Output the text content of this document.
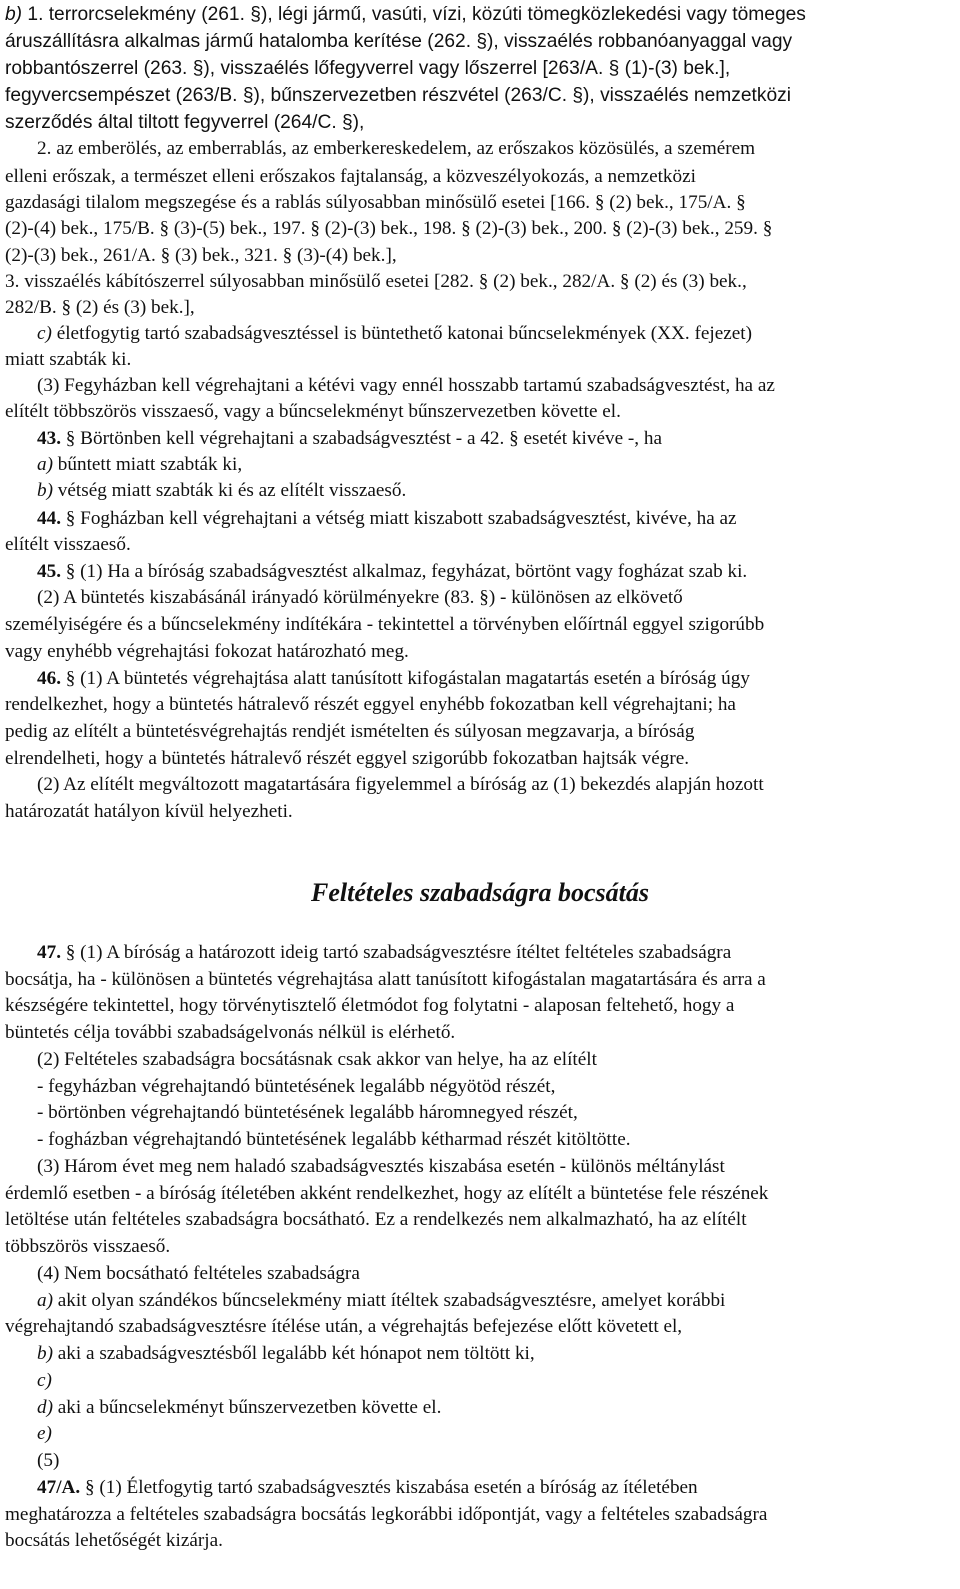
b) 1. terrorcselekmény (261. §), légi jármű, vasúti, vízi, közúti tömegközlekedési vagy tömeges
áruszállításra alkalmas jármű hatalomba kerítése (262. §), visszaélés robbanóanyaggal vagy
robbantószerrel (263. §), visszaélés lőfegyverrel vagy lőszerrel [263/A. § (1)-(3) bek.],
fegyvercsempészet (263/B. §), bűnszervezetben részvétel (263/C. §), visszaélés nemzetközi
szerződés által tiltott fegyverrel (264/C. §),
2. az emberölés, az emberrablás, az emberkereskedelem, az erőszakos közösülés, a szemérem
elleni erőszak, a természet elleni erőszakos fajtalanság, a közveszélyokozás, a nemzetközi
gazdasági tilalom megszegése és a rablás súlyosabban minősülő esetei [166. § (2) bek., 175/A. §
(2)-(4) bek., 175/B. § (3)-(5) bek., 197. § (2)-(3) bek., 198. § (2)-(3) bek., 200. § (2)-(3) bek., 259. §
(2)-(3) bek., 261/A. § (3) bek., 321. § (3)-(4) bek.],
3. visszaélés kábítószerrel súlyosabban minősülő esetei [282. § (2) bek., 282/A. § (2) és (3) bek.,
282/B. § (2) és (3) bek.],
c) életfogytig tartó szabadságvesztéssel is büntethető katonai bűncselekmények (XX. fejezet)
miatt szabták ki.
(3) Fegyházban kell végrehajtani a kétévi vagy ennél hosszabb tartamú szabadságvesztést, ha az
elítélt többszörös visszaeső, vagy a bűncselekményt bűnszervezetben követte el.
43. § Börtönben kell végrehajtani a szabadságvesztést - a 42. § esetét kivéve -, ha
a) bűntett miatt szabták ki,
b) vétség miatt szabták ki és az elítélt visszaeső.
44. § Fogházban kell végrehajtani a vétség miatt kiszabott szabadságvesztést, kivéve, ha az
elítélt visszaeső.
45. § (1) Ha a bíróság szabadságvesztést alkalmaz, fegyházat, börtönt vagy fogházat szab ki.
(2) A büntetés kiszabásánál irányadó körülményekre (83. §) - különösen az elkövető
személyiségére és a bűncselekmény indítékára - tekintettel a törvényben előírtnál eggyel szigorúbb
vagy enyhébb végrehajtási fokozat határozható meg.
46. § (1) A büntetés végrehajtása alatt tanúsított kifogástalan magatartás esetén a bíróság úgy
rendelkezhet, hogy a büntetés hátralevő részét eggyel enyhébb fokozatban kell végrehajtani; ha
pedig az elítélt a büntetésvégrehajtás rendjét ismételten és súlyosan megzavarja, a bíróság
elrendelheti, hogy a büntetés hátralevő részét eggyel szigorúbb fokozatban hajtsák végre.
(2) Az elítélt megváltozott magatartására figyelemmel a bíróság az (1) bekezdés alapján hozott
határozatát hatályon kívül helyezheti.
Feltételes szabadságra bocsátás
47. § (1) A bíróság a határozott ideig tartó szabadságvesztésre ítéltet feltételes szabadságra
bocsátja, ha - különösen a büntetés végrehajtása alatt tanúsított kifogástalan magatartására és arra a
készségére tekintettel, hogy törvénytisztelő életmódot fog folytatni - alaposan feltehető, hogy a
büntetés célja további szabadságelvonás nélkül is elérhető.
(2) Feltételes szabadságra bocsátásnak csak akkor van helye, ha az elítélt
- fegyházban végrehajtandó büntetésének legalább négyötöd részét,
- börtönben végrehajtandó büntetésének legalább háromnegyed részét,
- fogházban végrehajtandó büntetésének legalább kétharmad részét kitöltötte.
(3) Három évet meg nem haladó szabadságvesztés kiszabása esetén - különös méltánylást
érdemlő esetben - a bíróság ítéletében akként rendelkezhet, hogy az elítélt a büntetése fele részének
letöltése után feltételes szabadságra bocsátható. Ez a rendelkezés nem alkalmazható, ha az elítélt
többszörös visszaeső.
(4) Nem bocsátható feltételes szabadságra
a) akit olyan szándékos bűncselekmény miatt ítéltek szabadságvesztésre, amelyet korábbi
végrehajtandó szabadságvesztésre ítélése után, a végrehajtás befejezése előtt követett el,
b) aki a szabadságvesztésből legalább két hónapot nem töltött ki,
c)
d) aki a bűncselekményt bűnszervezetben követte el.
e)
(5)
47/A. § (1) Életfogytig tartó szabadságvesztés kiszabása esetén a bíróság az ítéletében
meghatározza a feltételes szabadságra bocsátás legkorábbi időpontját, vagy a feltételes szabadságra
bocsátás lehetőségét kizárja.
